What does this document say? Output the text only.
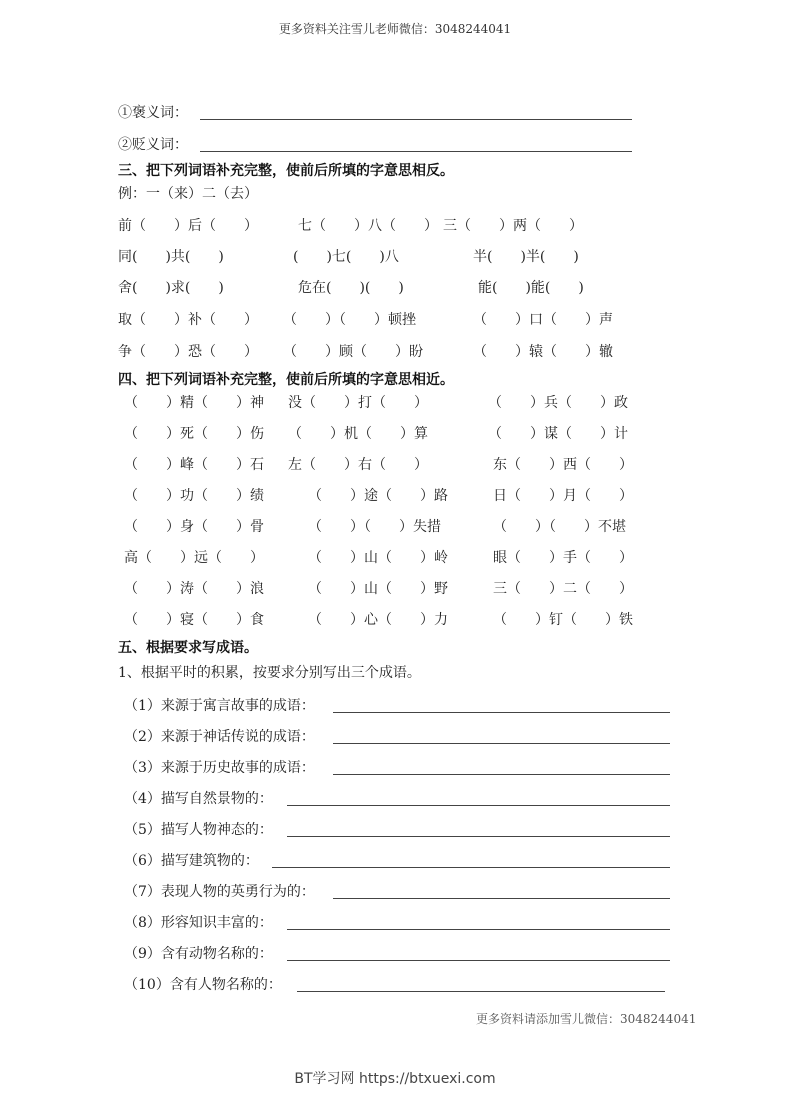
更多资料关注雪儿老师微信：3048244041
①褒义词：
②贬义词：
三、把下列词语补充完整，使前后所填的字意思相反。
例：一（来）二（去）
前（　　）后（　　）	七（　　）八（　　） 三（　　）两（　　）
同(　　)共(　　)	(　　)七(　　)八	半(　　)半(　　)
舍(　　)求(　　)	危在(　　)(　　)	能(　　)能(　　)
取（　　）补（　　） （　　）（　　）顿挫	（　　）口（　　）声
争（　　）恐（　　） （　　）顾（　　）盼	（　　）辕（　　）辙
四、把下列词语补充完整，使前后所填的字意思相近。
（　　）精（　　）神 没（　　）打（　　）	（　　）兵（　　）政
（　　）死（　　）伤 （　　）机（　　）算	（　　）谋（　　）计
（　　）峰（　　）石 左（　　）右（　　）	东（　　）西（　　）
（　　）功（　　）绩	（　　）途（　　）路	日（　　）月（　　）
（　　）身（　　）骨	（　　）（　　）失措	（　　）（　　）不堪
高（　　）远（　　）	（　　）山（　　）岭	眼（　　）手（　　）
（　　）涛（　　）浪	（　　）山（　　）野	三（　　）二（　　）
（　　）寝（　　）食	（　　）心（　　）力	（　　）钉（　　）铁
五、根据要求写成语。
1、根据平时的积累，按要求分别写出三个成语。
（1）来源于寓言故事的成语：
（2）来源于神话传说的成语：
（3）来源于历史故事的成语：
（4）描写自然景物的：
（5）描写人物神态的：
（6）描写建筑物的：
（7）表现人物的英勇行为的：
（8）形容知识丰富的：
（9）含有动物名称的：
（10）含有人物名称的：
更多资料请添加雪儿微信：3048244041
BT学习网 https://btxuexi.com
